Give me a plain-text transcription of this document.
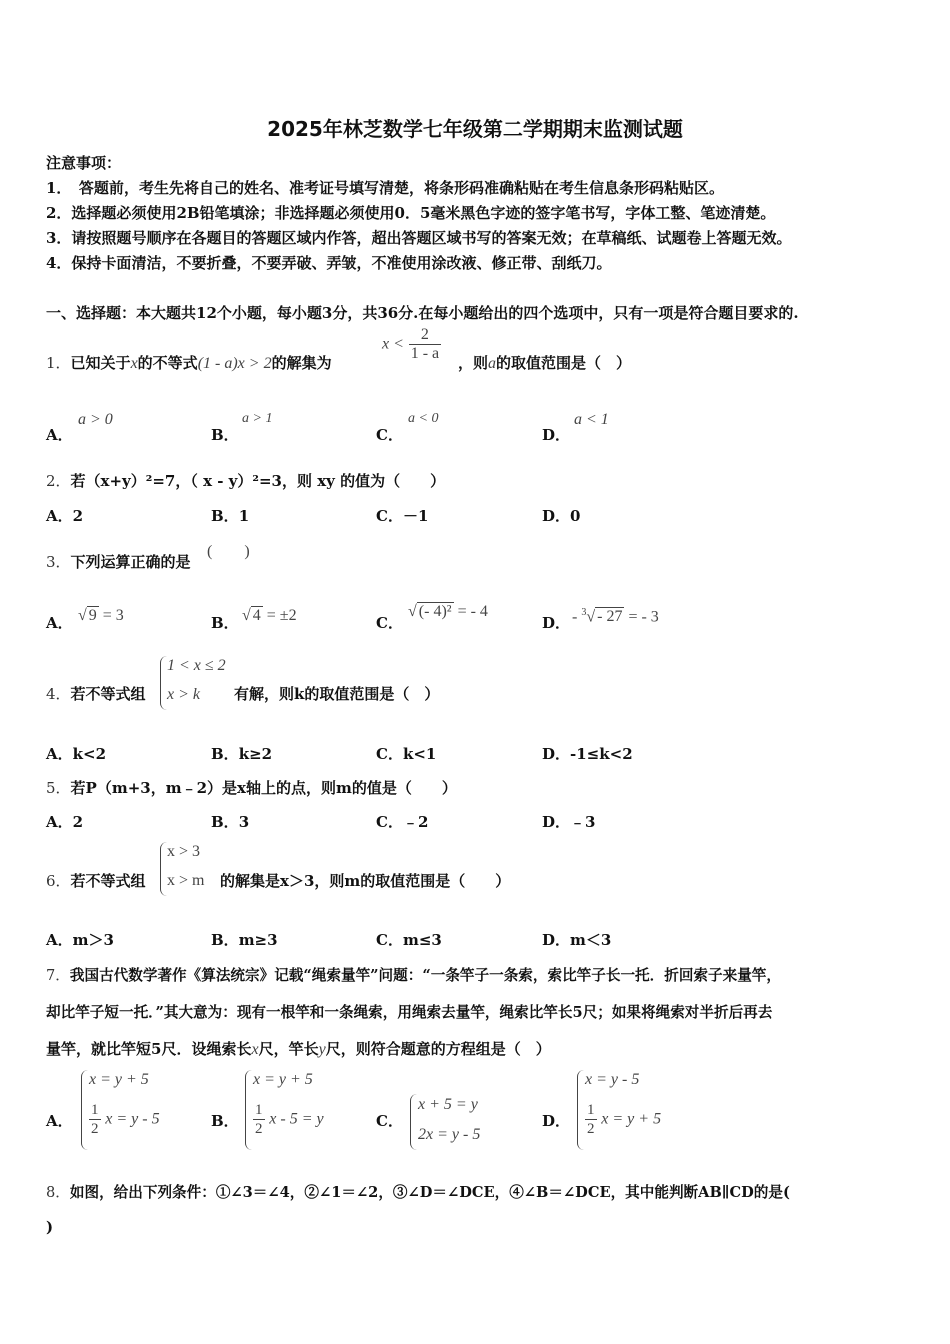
2025年林芝数学七年级第二学期期末监测试题
注意事项：
1．　答题前，考生先将自己的姓名、准考证号填写清楚，将条形码准确粘贴在考生信息条形码粘贴区。
2．选择题必须使用2B铅笔填涂；非选择题必须使用0．5毫米黑色字迹的签字笔书写，字体工整、笔迹清楚。
3．请按照题号顺序在各题目的答题区域内作答，超出答题区域书写的答案无效；在草稿纸、试题卷上答题无效。
4．保持卡面清洁，不要折叠，不要弄破、弄皱，不准使用涂改液、修正带、刮纸刀。
一、选择题：本大题共12个小题，每小题3分，共36分.在每小题给出的四个选项中，只有一项是符合题目要求的.
1．已知关于x的不等式(1 - a)x > 2的解集为
$x < \frac{2}{1 - a}$ ，则a的取值范围是（　）
A．
a > 0
B．
a > 1
C．
a < 0
D．
a < 1
2．若（x+y）²=7，（ x - y）²=3，则 xy 的值为（　　）
A．2	B．1	C．－1	D．0
3．下列运算正确的是
(　　)
A． √ 9 = 3	B． √ 4 = ±2	C．
√ (- 4)² = - 4
D． - $^3$√ - 27 = - 3
4．若不等式组
1 < x ≤ 2
x > k 有解，则k的取值范围是（　）
A．k<2	B．k≥2	C．k<1	D．-1≤k<2
5．若P（m+3，m﹣2）是x轴上的点，则m的值是（　　）
A．2	B．3	C．﹣2	D．﹣3
6．若不等式组
x > 3
x > m 的解集是x＞3，则m的取值范围是（　　）
A．m＞3	B．m≥3	C．m≤3	D．m＜3
7．我国古代数学著作《算法统宗》记载“绳索量竿”问题：“一条竿子一条索，索比竿子长一托．折回索子来量竿，
却比竿子短一托．”其大意为：现有一根竿和一条绳索，用绳索去量竿，绳索比竿长5尺；如果将绳索对半折后再去
量竿，就比竿短5尺．设绳索长x尺，竿长y尺，则符合题意的方程组是（　）
A．
x = y + 5
$\frac{1}{2}$ x = y - 5	B．
x = y + 5
$\frac{1}{2}$ x - 5 = y	C．
x + 5 = y
2x = y - 5
D．
x = y - 5
$\frac{1}{2}$ x = y + 5
8．如图，给出下列条件：①∠3＝∠4，②∠1＝∠2，③∠D＝∠DCE，④∠B＝∠DCE，其中能判断AB∥CD的是(
)
